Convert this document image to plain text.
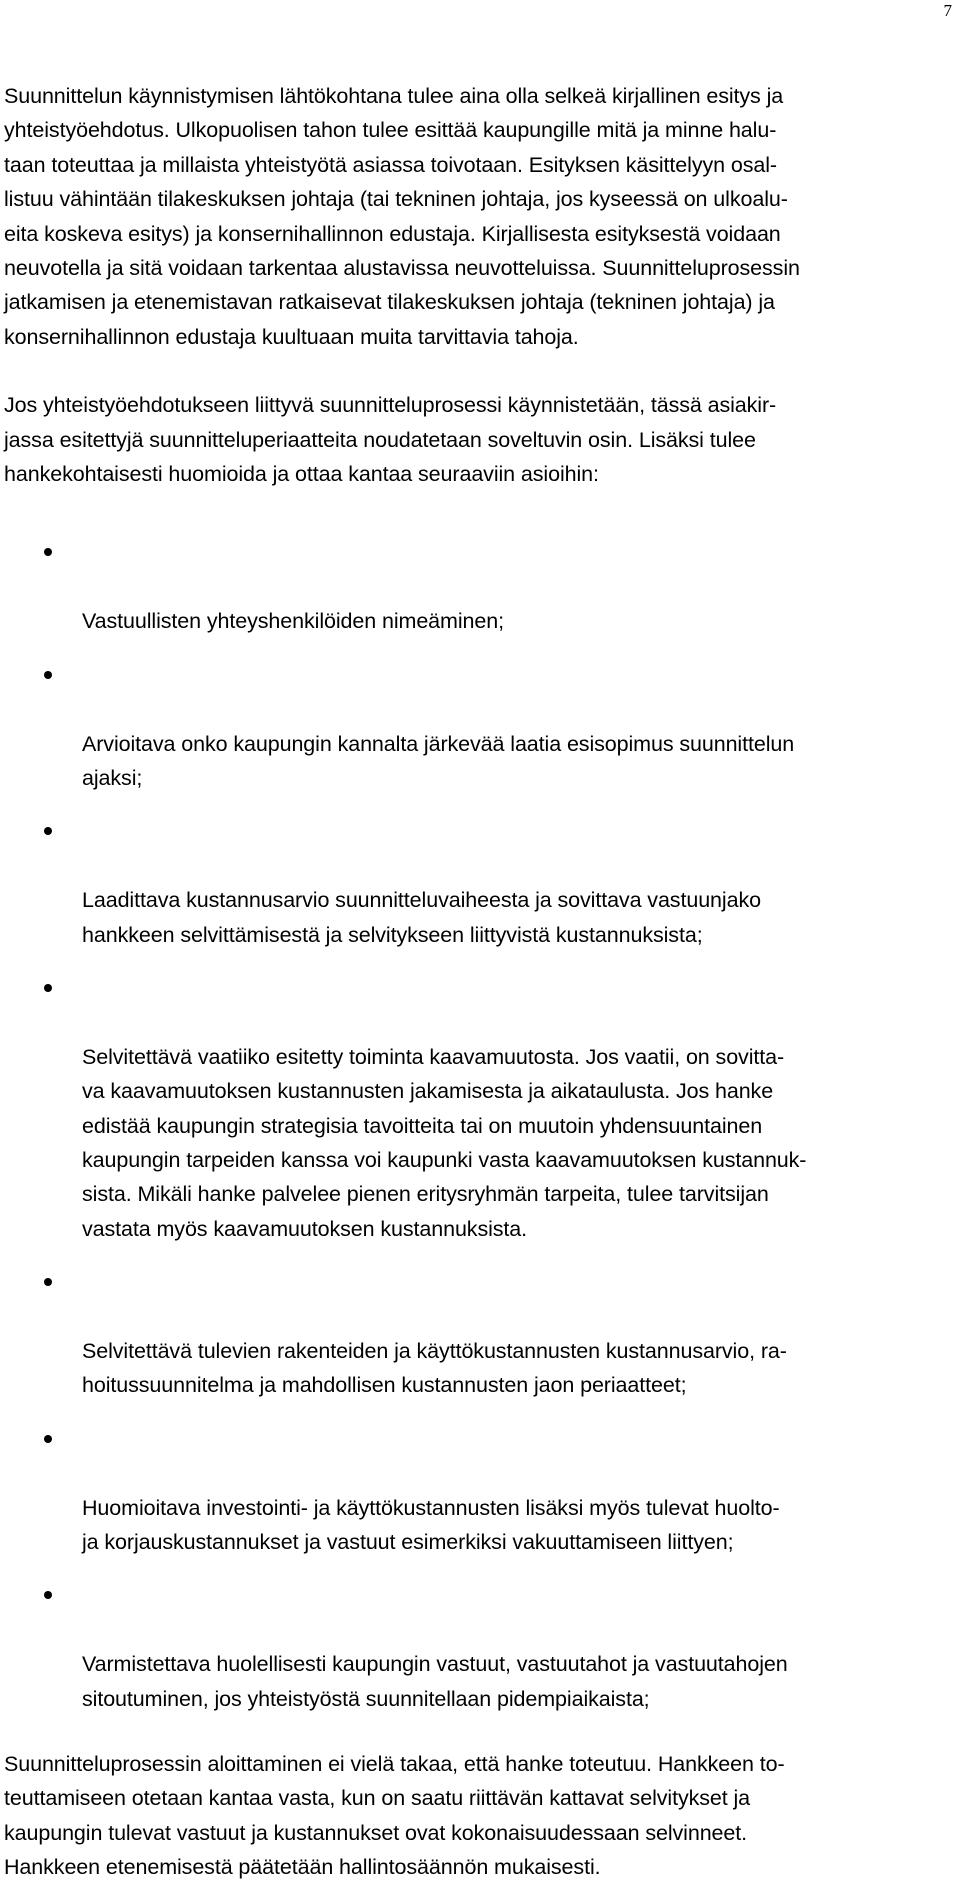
7

Suunnittelun käynnistymisen lähtökohtana tulee aina olla selkeä kirjallinen esitys ja
yhteistyöehdotus. Ulkopuolisen tahon tulee esittää kaupungille mitä ja minne halu-
taan toteuttaa ja millaista yhteistyötä asiassa toivotaan. Esityksen käsittelyyn osal-
listuu vähintään tilakeskuksen johtaja (tai tekninen johtaja, jos kyseessä on ulkoalu-
eita koskeva esitys) ja konsernihallinnon edustaja. Kirjallisesta esityksestä voidaan
neuvotella ja sitä voidaan tarkentaa alustavissa neuvotteluissa. Suunnitteluprosessin
jatkamisen ja etenemistavan ratkaisevat tilakeskuksen johtaja (tekninen johtaja) ja
konsernihallinnon edustaja kuultuaan muita tarvittavia tahoja.

Jos yhteistyöehdotukseen liittyvä suunnitteluprosessi käynnistetään, tässä asiakir-
jassa esitettyjä suunnitteluperiaatteita noudatetaan soveltuvin osin. Lisäksi tulee
hankekohtaisesti huomioida ja ottaa kantaa seuraaviin asioihin:

Vastuullisten yhteyshenkilöiden nimeäminen;

Arvioitava onko kaupungin kannalta järkevää laatia esisopimus suunnittelun
ajaksi;

Laadittava kustannusarvio suunnitteluvaiheesta ja sovittava vastuunjako
hankkeen selvittämisestä ja selvitykseen liittyvistä kustannuksista;

Selvitettävä vaatiiko esitetty toiminta kaavamuutosta. Jos vaatii, on sovitta-
va kaavamuutoksen kustannusten jakamisesta ja aikataulusta. Jos hanke
edistää kaupungin strategisia tavoitteita tai on muutoin yhdensuuntainen
kaupungin tarpeiden kanssa voi kaupunki vasta kaavamuutoksen kustannuk-
sista. Mikäli hanke palvelee pienen eritysryhmän tarpeita, tulee tarvitsijan
vastata myös kaavamuutoksen kustannuksista.

Selvitettävä tulevien rakenteiden ja käyttökustannusten kustannusarvio, ra-
hoitussuunnitelma ja mahdollisen kustannusten jaon periaatteet;

Huomioitava investointi- ja käyttökustannusten lisäksi myös tulevat huolto-
ja korjauskustannukset ja vastuut esimerkiksi vakuuttamiseen liittyen;

Varmistettava huolellisesti kaupungin vastuut, vastuutahot ja vastuutahojen
sitoutuminen, jos yhteistyöstä suunnitellaan pidempiaikaista;

Suunnitteluprosessin aloittaminen ei vielä takaa, että hanke toteutuu. Hankkeen to-
teuttamiseen otetaan kantaa vasta, kun on saatu riittävän kattavat selvitykset ja
kaupungin tulevat vastuut ja kustannukset ovat kokonaisuudessaan selvinneet.
Hankkeen etenemisestä päätetään hallintosäännön mukaisesti.
